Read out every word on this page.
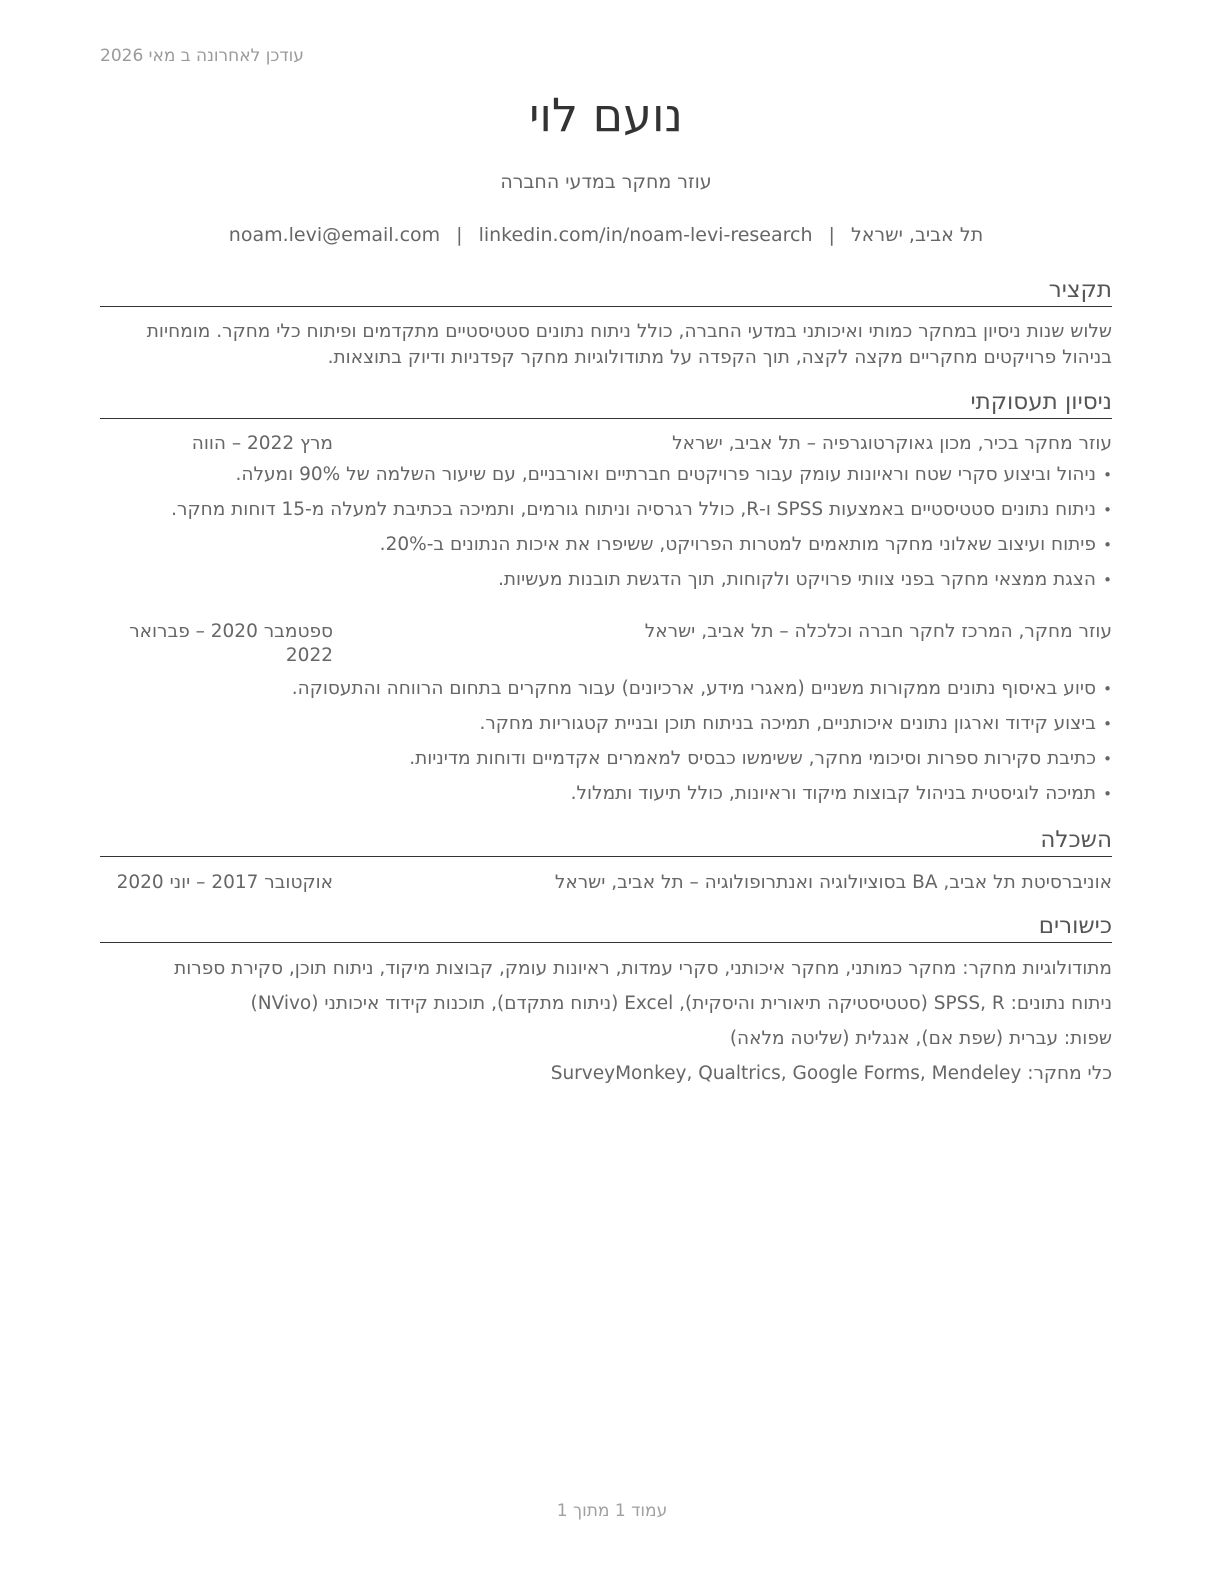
עודכן לאחרונה ב מאי 2026
נועם לוי
עוזר מחקר במדעי החברה
תל אביב, ישראל|noam.levi@email.com | linkedin.com/in/noam-levi-research
תקציר
שלוש שנות ניסיון במחקר כמותי ואיכותני במדעי החברה, כולל ניתוח נתונים סטטיסטיים מתקדמים ופיתוח כלי מחקר. מומחיות בניהול פרויקטים מחקריים מקצה לקצה, תוך הקפדה על מתודולוגיות מחקר קפדניות ודיוק בתוצאות.
ניסיון תעסוקתי
עוזר מחקר בכיר, מכון גאוקרטוגרפיה – תל אביב, ישראל
מרץ 2022 – הווה
• ניהול וביצוע סקרי שטח וראיונות עומק עבור פרויקטים חברתיים ואורבניים, עם שיעור השלמה של 90% ומעלה.
• ניתוח נתונים סטטיסטיים באמצעות SPSS ו-R, כולל רגרסיה וניתוח גורמים, ותמיכה בכתיבת למעלה מ-15 דוחות מחקר.
• פיתוח ועיצוב שאלוני מחקר מותאמים למטרות הפרויקט, ששיפרו את איכות הנתונים ב-20%.
• הצגת ממצאי מחקר בפני צוותי פרויקט ולקוחות, תוך הדגשת תובנות מעשיות.
עוזר מחקר, המרכז לחקר חברה וכלכלה – תל אביב, ישראל
ספטמבר 2020 – פברואר 2022
• סיוע באיסוף נתונים ממקורות משניים (מאגרי מידע, ארכיונים) עבור מחקרים בתחום הרווחה והתעסוקה.
• ביצוע קידוד וארגון נתונים איכותניים, תמיכה בניתוח תוכן ובניית קטגוריות מחקר.
• כתיבת סקירות ספרות וסיכומי מחקר, ששימשו כבסיס למאמרים אקדמיים ודוחות מדיניות.
• תמיכה לוגיסטית בניהול קבוצות מיקוד וראיונות, כולל תיעוד ותמלול.
השכלה
אוניברסיטת תל אביב, BA בסוציולוגיה ואנתרופולוגיה – תל אביב, ישראל
אוקטובר 2017 – יוני 2020
כישורים
מתודולוגיות מחקר: מחקר כמותני, מחקר איכותני, סקרי עמדות, ראיונות עומק, קבוצות מיקוד, ניתוח תוכן, סקירת ספרות
ניתוח נתונים: SPSS, R (סטטיסטיקה תיאורית והיסקית), Excel (ניתוח מתקדם), תוכנות קידוד איכותני (NVivo)
שפות: עברית (שפת אם), אנגלית (שליטה מלאה)
כלי מחקר: SurveyMonkey, Qualtrics, Google Forms, Mendeley
עמוד 1 מתוך 1
